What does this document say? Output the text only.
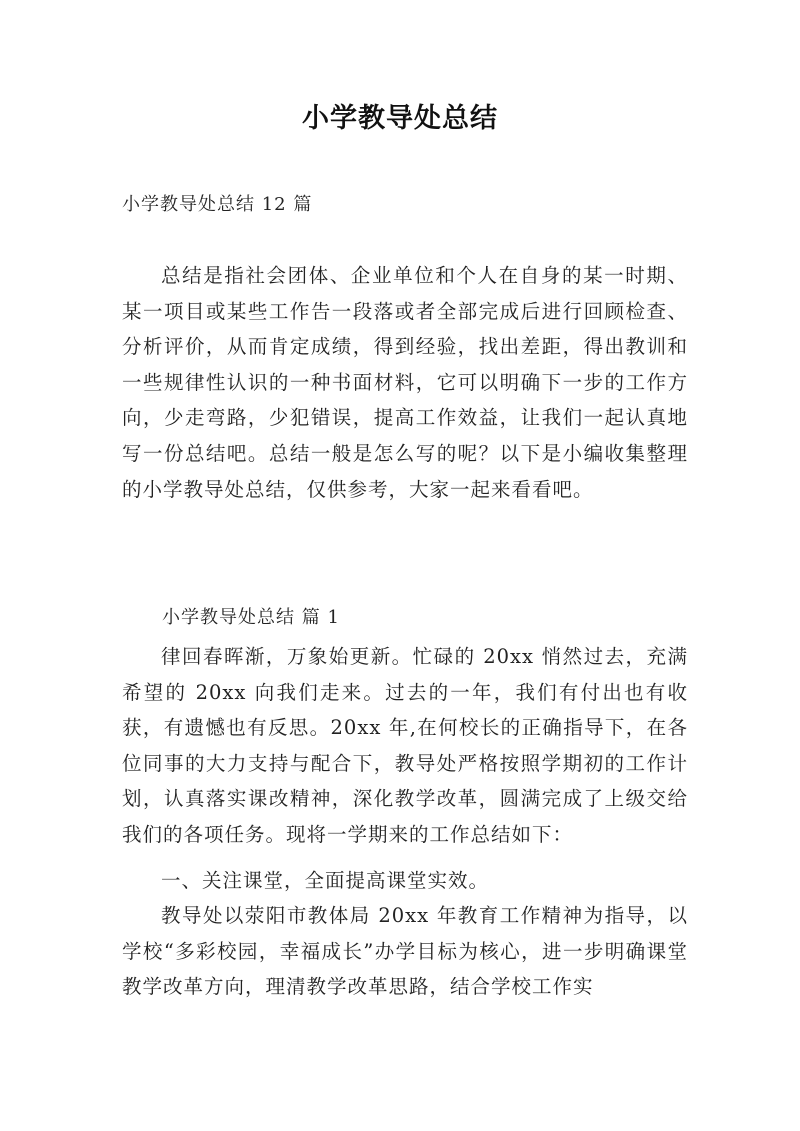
小学教导处总结
小学教导处总结 12 篇

总结是指社会团体、企业单位和个人在自身的某一时期、某一项目或某些工作告一段落或者全部完成后进行回顾检查、分析评价，从而肯定成绩，得到经验，找出差距，得出教训和一些规律性认识的一种书面材料，它可以明确下一步的工作方向，少走弯路，少犯错误，提高工作效益，让我们一起认真地写一份总结吧。总结一般是怎么写的呢？以下是小编收集整理的小学教导处总结，仅供参考，大家一起来看看吧。

小学教导处总结 篇 1

律回春晖渐，万象始更新。忙碌的 20xx 悄然过去，充满希望的 20xx 向我们走来。过去的一年，我们有付出也有收获，有遗憾也有反思。20xx 年,在何校长的正确指导下，在各位同事的大力支持与配合下，教导处严格按照学期初的工作计划，认真落实课改精神，深化教学改革，圆满完成了上级交给我们的各项任务。现将一学期来的工作总结如下：

一、关注课堂，全面提高课堂实效。

教导处以荥阳市教体局 20xx 年教育工作精神为指导，以学校“多彩校园，幸福成长”办学目标为核心，进一步明确课堂教学改革方向，理清教学改革思路，结合学校工作实
